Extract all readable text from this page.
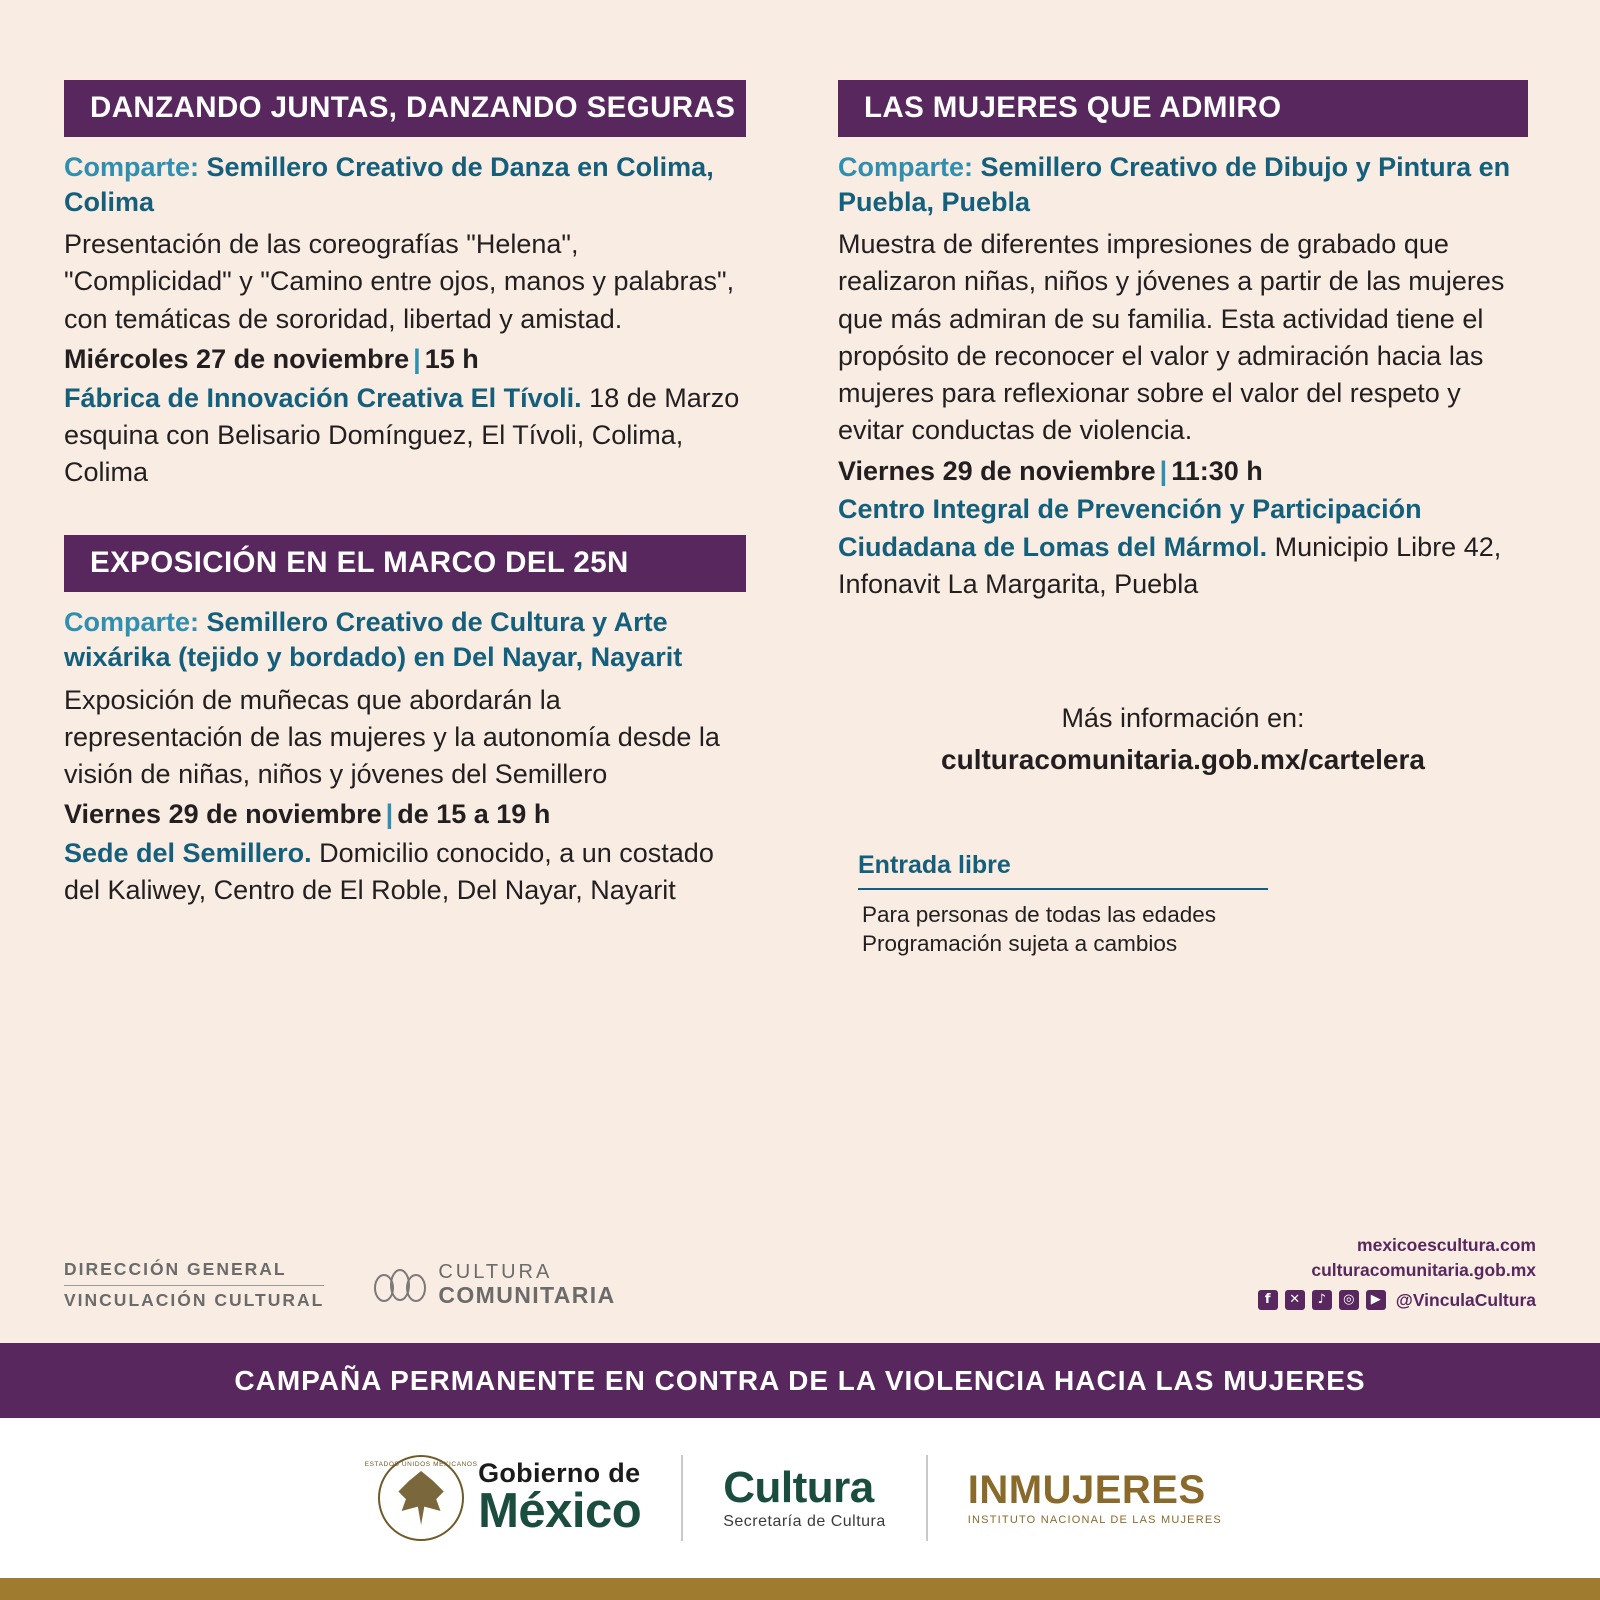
DANZANDO JUNTAS, DANZANDO SEGURAS

Comparte: Semillero Creativo de Danza en Colima, Colima

Presentación de las coreografías "Helena", "Complicidad" y "Camino entre ojos, manos y palabras", con temáticas de sororidad, libertad y amistad.

Miércoles 27 de noviembre | 15 h

Fábrica de Innovación Creativa El Tívoli. 18 de Marzo esquina con Belisario Domínguez, El Tívoli, Colima, Colima

EXPOSICIÓN EN EL MARCO DEL 25N

Comparte: Semillero Creativo de Cultura y Arte wixárika (tejido y bordado) en Del Nayar, Nayarit

Exposición de muñecas que abordarán la representación de las mujeres y la autonomía desde la visión de niñas, niños y jóvenes del Semillero

Viernes 29 de noviembre | de 15 a 19 h

Sede del Semillero. Domicilio conocido, a un costado del Kaliwey, Centro de El Roble, Del Nayar, Nayarit

LAS MUJERES QUE ADMIRO

Comparte: Semillero Creativo de Dibujo y Pintura en Puebla, Puebla

Muestra de diferentes impresiones de grabado que realizaron niñas, niños y jóvenes a partir de las mujeres que más admiran de su familia. Esta actividad tiene el propósito de reconocer el valor y admiración hacia las mujeres para reflexionar sobre el valor del respeto y evitar conductas de violencia.

Viernes 29 de noviembre | 11:30 h

Centro Integral de Prevención y Participación Ciudadana de Lomas del Mármol. Municipio Libre 42, Infonavit La Margarita, Puebla

Más información en:
culturacomunitaria.gob.mx/cartelera
Entrada libre
Para personas de todas las edades
Programación sujeta a cambios
DIRECCIÓN GENERAL
VINCULACIÓN CULTURAL
CULTURA
COMUNITARIA
mexicoescultura.com
culturacomunitaria.gob.mx
f	✕	♪	◎	▶ @VinculaCultura
CAMPAÑA PERMANENTE EN CONTRA DE LA VIOLENCIA HACIA LAS MUJERES
ESTADOS UNIDOS MEXICANOS Gobierno de
México Cultura
Secretaría de Cultura
INMUJERES
INSTITUTO NACIONAL DE LAS MUJERES
